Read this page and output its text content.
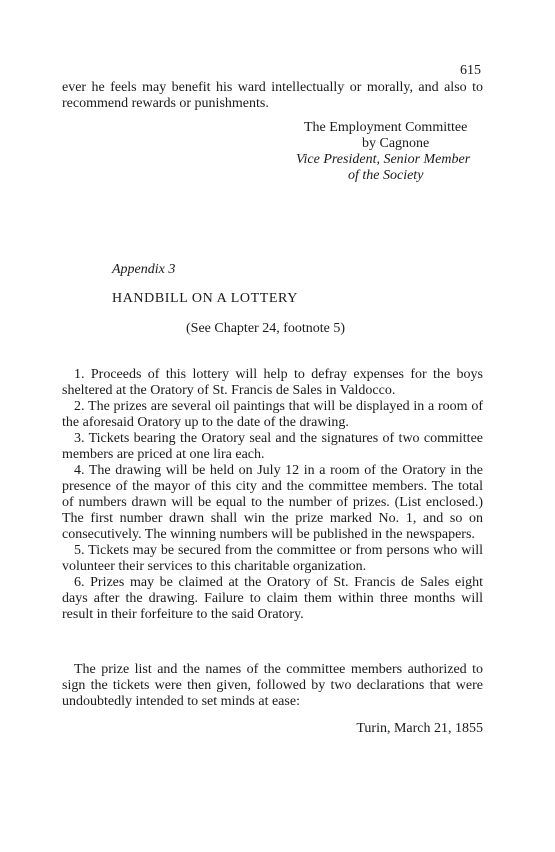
615

ever he feels may benefit his ward intellectually or morally, and also to recommend rewards or punishments.

The Employment Committee
by Cagnone
Vice President, Senior Member
of the Society
Appendix 3
HANDBILL ON A LOTTERY
(See Chapter 24, footnote 5)
1. Proceeds of this lottery will help to defray expenses for the boys sheltered at the Oratory of St. Francis de Sales in Valdocco.
2. The prizes are several oil paintings that will be displayed in a room of the aforesaid Oratory up to the date of the drawing.
3. Tickets bearing the Oratory seal and the signatures of two committee members are priced at one lira each.
4. The drawing will be held on July 12 in a room of the Oratory in the presence of the mayor of this city and the committee members. The total of numbers drawn will be equal to the number of prizes. (List enclosed.) The first number drawn shall win the prize marked No. 1, and so on consecutively. The winning numbers will be published in the newspapers.
5. Tickets may be secured from the committee or from persons who will volunteer their services to this charitable organization.
6. Prizes may be claimed at the Oratory of St. Francis de Sales eight days after the drawing. Failure to claim them within three months will result in their forfeiture to the said Oratory.

The prize list and the names of the committee members authorized to sign the tickets were then given, followed by two declarations that were undoubtedly intended to set minds at ease:

Turin, March 21, 1855
